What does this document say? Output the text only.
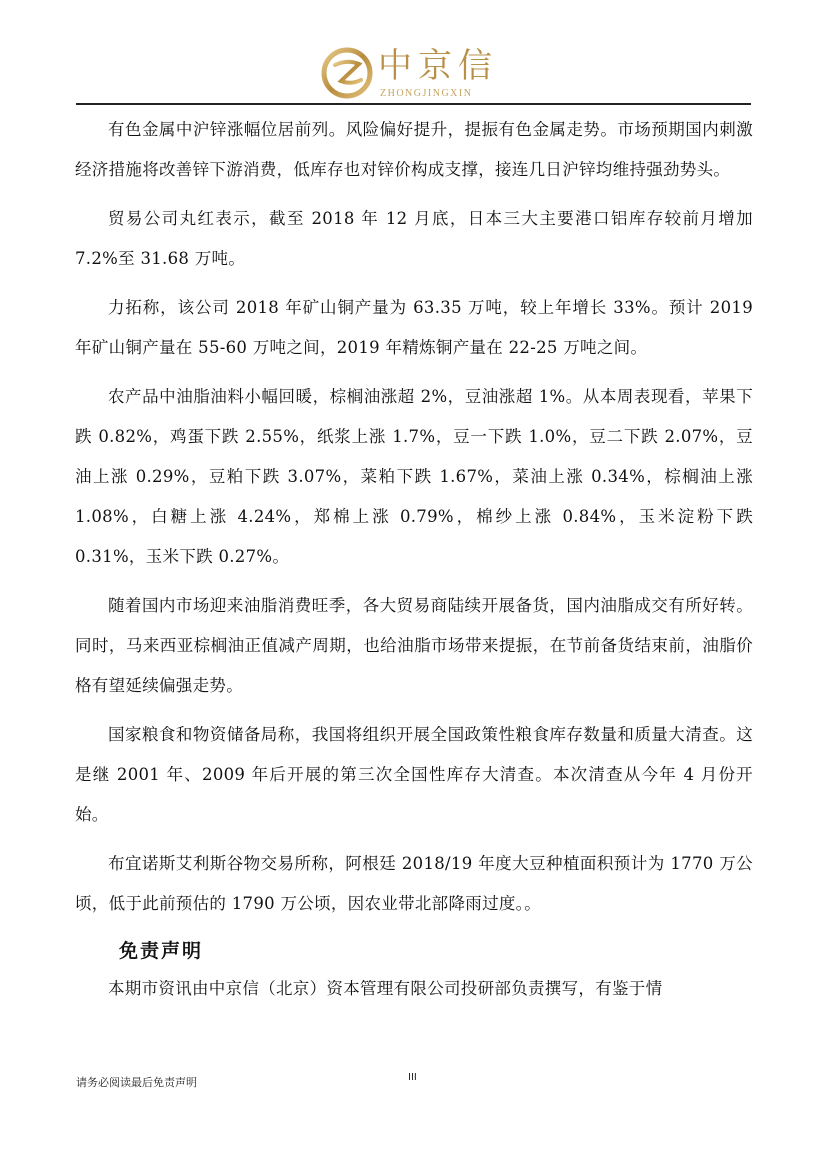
中京信
ZHONGJINGXIN

有色金属中沪锌涨幅位居前列。风险偏好提升，提振有色金属走势。市场预期国内刺激经济措施将改善锌下游消费，低库存也对锌价构成支撑，接连几日沪锌均维持强劲势头。

贸易公司丸红表示，截至 2018 年 12 月底，日本三大主要港口铝库存较前月增加 7.2%至 31.68 万吨。

力拓称，该公司 2018 年矿山铜产量为 63.35 万吨，较上年增长 33%。预计 2019 年矿山铜产量在 55-60 万吨之间，2019 年精炼铜产量在 22-25 万吨之间。

农产品中油脂油料小幅回暖，棕榈油涨超 2%，豆油涨超 1%。从本周表现看，苹果下跌 0.82%，鸡蛋下跌 2.55%，纸浆上涨 1.7%，豆一下跌 1.0%，豆二下跌 2.07%，豆油上涨 0.29%，豆粕下跌 3.07%，菜粕下跌 1.67%，菜油上涨 0.34%，棕榈油上涨 1.08%，白糖上涨 4.24%，郑棉上涨 0.79%，棉纱上涨 0.84%，玉米淀粉下跌 0.31%，玉米下跌 0.27%。

随着国内市场迎来油脂消费旺季，各大贸易商陆续开展备货，国内油脂成交有所好转。同时，马来西亚棕榈油正值减产周期，也给油脂市场带来提振，在节前备货结束前，油脂价格有望延续偏强走势。

国家粮食和物资储备局称，我国将组织开展全国政策性粮食库存数量和质量大清查。这是继 2001 年、2009 年后开展的第三次全国性库存大清查。本次清查从今年 4 月份开始。

布宜诺斯艾利斯谷物交易所称，阿根廷 2018/19 年度大豆种植面积预计为 1770 万公顷，低于此前预估的 1790 万公顷，因农业带北部降雨过度。。

免责声明

本期市资讯由中京信（北京）资本管理有限公司投研部负责撰写，有鉴于情

请务必阅读最后免责声明	III
